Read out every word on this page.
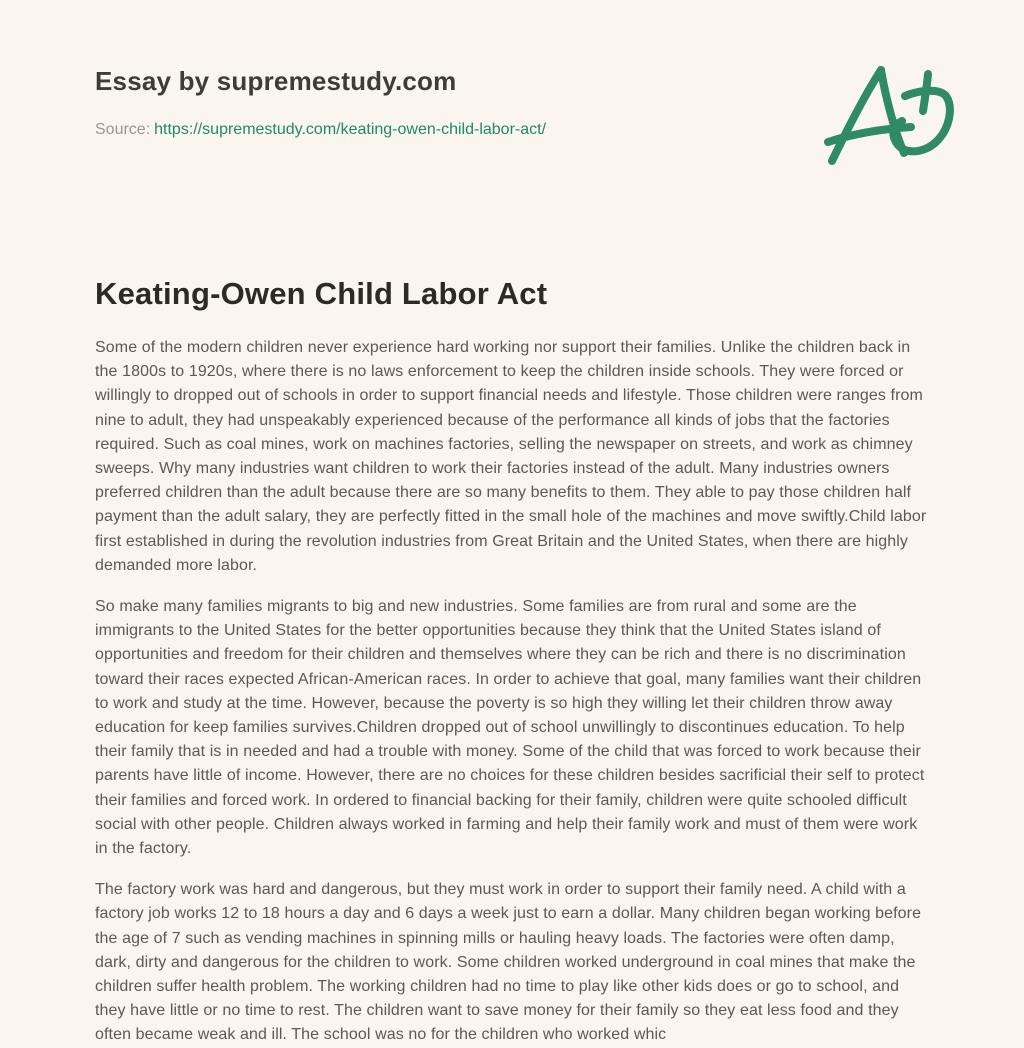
Essay by supremestudy.com
Source: https://supremestudy.com/keating-owen-child-labor-act/
Keating-Owen Child Labor Act

Some of the modern children never experience hard working nor support their families. Unlike the children back in the 1800s to 1920s, where there is no laws enforcement to keep the children inside schools. They were forced or willingly to dropped out of schools in order to support financial needs and lifestyle. Those children were ranges from nine to adult, they had unspeakably experienced because of the performance all kinds of jobs that the factories required. Such as coal mines, work on machines factories, selling the newspaper on streets, and work as chimney sweeps. Why many industries want children to work their factories instead of the adult. Many industries owners preferred children than the adult because there are so many benefits to them. They able to pay those children half payment than the adult salary, they are perfectly fitted in the small hole of the machines and move swiftly.Child labor first established in during the revolution industries from Great Britain and the United States, when there are highly demanded more labor.

So make many families migrants to big and new industries. Some families are from rural and some are the immigrants to the United States for the better opportunities because they think that the United States island of opportunities and freedom for their children and themselves where they can be rich and there is no discrimination toward their races expected African-American races. In order to achieve that goal, many families want their children to work and study at the time. However, because the poverty is so high they willing let their children throw away education for keep families survives.Children dropped out of school unwillingly to discontinues education. To help their family that is in needed and had a trouble with money. Some of the child that was forced to work because their parents have little of income. However, there are no choices for these children besides sacrificial their self to protect their families and forced work. In ordered to financial backing for their family, children were quite schooled difficult social with other people. Children always worked in farming and help their family work and must of them were work in the factory.

The factory work was hard and dangerous, but they must work in order to support their family need. A child with a factory job works 12 to 18 hours a day and 6 days a week just to earn a dollar. Many children began working before the age of 7 such as vending machines in spinning mills or hauling heavy loads. The factories were often damp, dark, dirty and dangerous for the children to work. Some children worked underground in coal mines that make the children suffer health problem. The working children had no time to play like other kids does or go to school, and they have little or no time to rest. The children want to save money for their family so they eat less food and they often became weak and ill. The school was no for the children who worked whic
